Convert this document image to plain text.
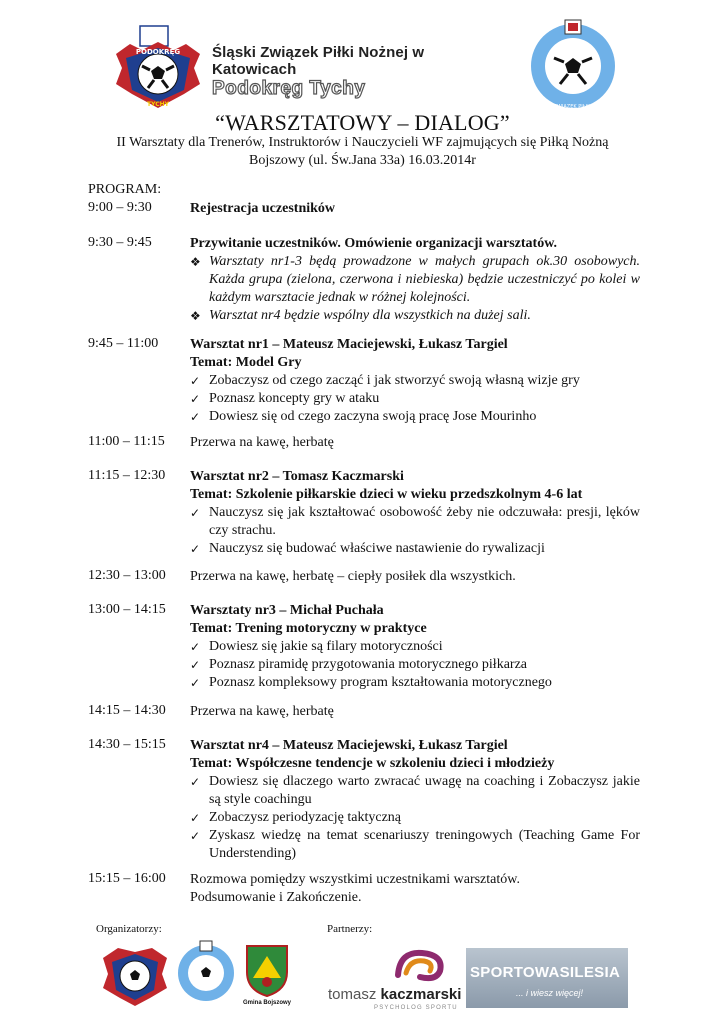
PODOKRĘG
TYCHY
Śląski Związek Piłki Nożnej w Katowicach
Podokręg Tychy
ŚLĄSKI ZWIĄZEK PIŁKI NOŻNEJ
“WARSZTATOWY – DIALOG”
II Warsztaty dla Trenerów, Instruktorów i Nauczycieli WF zajmujących się Piłką Nożną
Bojszowy (ul. Św.Jana 33a) 16.03.2014r
PROGRAM:
9:00 – 9:30	Rejestracja uczestników
9:30 – 9:45	Przywitanie uczestników. Omówienie organizacji warsztatów.
❖ Warsztaty nr1-3 będą prowadzone w małych grupach ok.30 osobowych. Każda grupa (zielona, czerwona i niebieska) będzie uczestniczyć po kolei w każdym warsztacie jednak w różnej kolejności.
❖ Warsztat nr4 będzie wspólny dla wszystkich na dużej sali.
9:45 – 11:00 Warsztat nr1 – Mateusz Maciejewski, Łukasz Targiel
Temat: Model Gry
✓ Zobaczysz od czego zacząć i jak stworzyć swoją własną wizje gry
✓ Poznasz koncepty gry w ataku
✓ Dowiesz się od czego zaczyna swoją pracę Jose Mourinho
11:00 – 11:15 Przerwa na kawę, herbatę
11:15 – 12:30 Warsztat nr2 – Tomasz Kaczmarski
Temat: Szkolenie piłkarskie dzieci w wieku przedszkolnym 4-6 lat
✓ Nauczysz się jak kształtować osobowość żeby nie odczuwała: presji, lęków czy strachu.
✓ Nauczysz się budować właściwe nastawienie do rywalizacji
12:30 – 13:00 Przerwa na kawę, herbatę – ciepły posiłek dla wszystkich.
13:00 – 14:15 Warsztaty nr3 – Michał Puchała
Temat: Trening motoryczny w praktyce
✓ Dowiesz się jakie są filary motoryczności
✓ Poznasz piramidę przygotowania motorycznego piłkarza
✓ Poznasz kompleksowy program kształtowania motorycznego
14:15 – 14:30 Przerwa na kawę, herbatę
14:30 – 15:15 Warsztat nr4 – Mateusz Maciejewski, Łukasz Targiel
Temat: Współczesne tendencje w szkoleniu dzieci i młodzieży
✓ Dowiesz się dlaczego warto zwracać uwagę na coaching i Zobaczysz jakie są style coachingu
✓ Zobaczysz periodyzację taktyczną
✓ Zyskasz wiedzę na temat scenariuszy treningowych (Teaching Game For Understending)
15:15 – 16:00 Rozmowa pomiędzy wszystkimi uczestnikami warsztatów.
Podsumowanie i Zakończenie.
Organizatorzy:	Partnerzy:
Gmina Bojszowy tomasz kaczmarski
PSYCHOLOG SPORTU
SPORTOWASILESIA
... i wiesz więcej!
